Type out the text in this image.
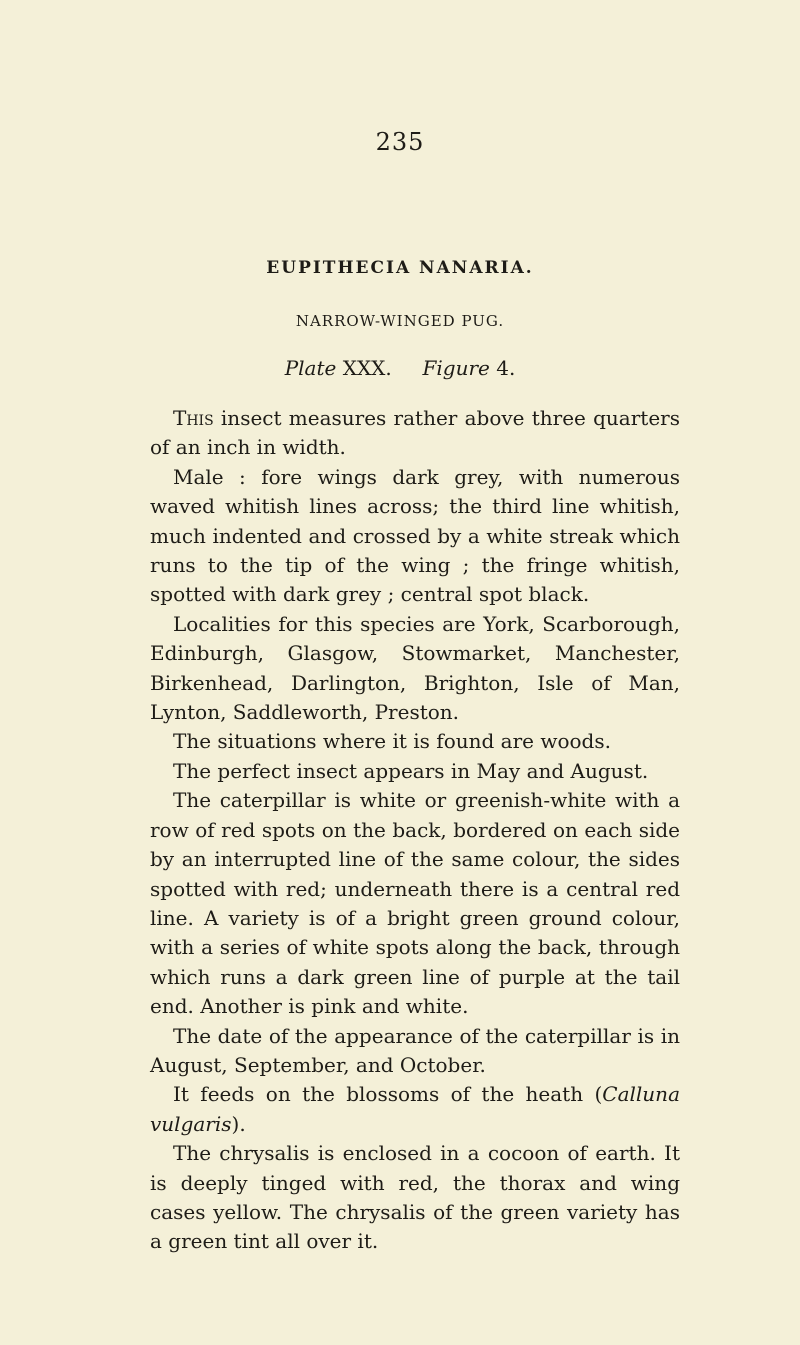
235
EUPITHECIA NANARIA.
NARROW-WINGED PUG.
Plate XXX. Figure 4.

This insect measures rather above three quarters of an inch in width.

Male : fore wings dark grey, with numerous waved whitish lines across; the third line whitish, much indented and crossed by a white streak which runs to the tip of the wing ; the fringe whitish, spotted with dark grey ; central spot black.

Localities for this species are York, Scarborough, Edinburgh, Glasgow, Stowmarket, Manchester, Birkenhead, Darlington, Brighton, Isle of Man, Lynton, Saddleworth, Preston.

The situations where it is found are woods.

The perfect insect appears in May and August.

The caterpillar is white or greenish-white with a row of red spots on the back, bordered on each side by an interrupted line of the same colour, the sides spotted with red; underneath there is a central red line. A variety is of a bright green ground colour, with a series of white spots along the back, through which runs a dark green line of purple at the tail end. Another is pink and white.

The date of the appearance of the caterpillar is in August, September, and October.

It feeds on the blossoms of the heath (Calluna vulgaris).

The chrysalis is enclosed in a cocoon of earth. It is deeply tinged with red, the thorax and wing cases yellow. The chrysalis of the green variety has a green tint all over it.
